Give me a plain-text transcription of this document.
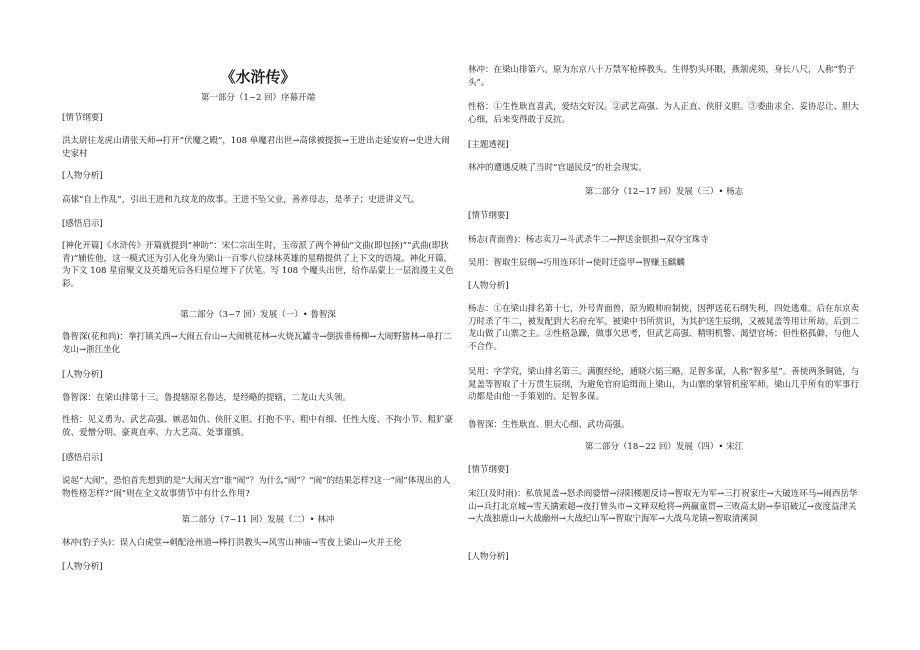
《水浒传》

第一部分（1~2 回）序幕开端

[情节纲要]

洪太尉往龙虎山请张天师→打开“伏魔之殿”，108 单魔君出世→高俅被提拔→王进出走延安府→史进大闹史家村

[人物分析]

高俅“自上作乱”，引出王进和九纹龙的故事。王进不坠父业，善养母志，是孝子；史进讲义气。

[感悟启示]

[神化开篇]《水浒传》开篇就提到“神助”：宋仁宗出生时，玉帝派了两个神仙“文曲(即包拯)”“武曲(即狄青)”辅佐他，这一模式还为引入化身为梁山一百零八位绿林英雄的星精提供了上下文的语境。神化开篇，为下文 108 星宿聚义及英雄死后各归星位埋下了伏笔。写 108 个魔头出世，给作品蒙上一层浪漫主义色彩。

第二部分（3~7 回）发展（一）• 鲁智深

鲁智深(花和尚)：拳打镇关西→大闹五台山→大闹桃花林→火烧瓦罐寺→倒拔垂杨柳→大闹野猪林→单打二龙山→浙江坐化

[人物分析]

鲁智深：在梁山排第十三。鲁提辖原名鲁达，是经略的提辖，二龙山大头领。

性格：见义勇为、武艺高强、嫉恶如仇、侠肝义胆、打抱不平、粗中有细、任性大度、不拘小节、粗犷豪放、爱憎分明、豪爽直率、力大艺高、处事谨慎。

[感悟启示]

说起“大闹”，恐怕首先想到的是“大闹天宫”谁“闹”？为什么“闹”？“闹”的结果怎样?这一“闹”体现出的人物性格怎样?“闹”则在全文故事情节中有什么作用?

第二部分（7~11 回）发展（二）• 林冲

林冲(豹子头)：误入白虎堂→刺配沧州道→棒打洪教头→风雪山神庙→雪夜上梁山→火并王伦

[人物分析]

林冲：在梁山排第六。原为东京八十万禁军枪棒教头。生得豹头环眼，燕颔虎须，身长八尺，人称“豹子头”。

性格：①生性耿直喜武，爱结交好汉。②武艺高强、为人正直、侠肝义胆。③委曲求全、妥协忍让、胆大心细，后来变得敢于反抗。

[主题透视]

林冲的遭遇反映了当时“官逼民反”的社会现实。

第二部分（12~17 回）发展（三）• 杨志

[情节纲要]

杨志(青面兽)：杨志卖刀→斗武杀牛二→押送金银担→双夺宝珠寺

吴用：智取生辰纲→巧用连环计→使时迁盗甲→智赚玉麒麟

[人物分析]

杨志：①在梁山排名第十七，外号青面兽，原为殿帅府制使，因押送花石纲失利，四处逃难。后在东京卖刀时杀了牛二，被发配到大名府充军。被梁中书所赏识，为其护送生辰纲，又被晁盖等用计所劫。后到二龙山做了山寨之主。②性格急躁，做事欠思考，但武艺高强、精明机警、渴望官场；但性格孤僻，与他人不合作。

吴用：字学究，梁山排名第三。满腹经纶，通晓六韬三略，足智多谋，人称“智多星”。善使两条铜链，与晁盖等智取了十万贯生辰纲，为避免官府追缉而上梁山，为山寨的掌管机密军师。梁山几乎所有的军事行动都是由他一手策划的。足智多谋。

鲁智深：生性耿直、胆大心细、武功高强。

第二部分（18~22 回）发展（四）• 宋江

[情节纲要]

宋江(及时雨)：私放晁盖→怒杀阎婆惜→浔阳楼题反诗→智取无为军→三打祝家庄→大破连环马→闹西岳华山→兵打北京城→雪天擒索超→夜打曾头市→文释双枪将→两赢童贯→三败高太尉→奉诏破辽→夜度益津关→大战独鹿山→大战幽州→大战纪山军→智取宁海军→大战乌龙镇→智取清溪洞

[人物分析]
